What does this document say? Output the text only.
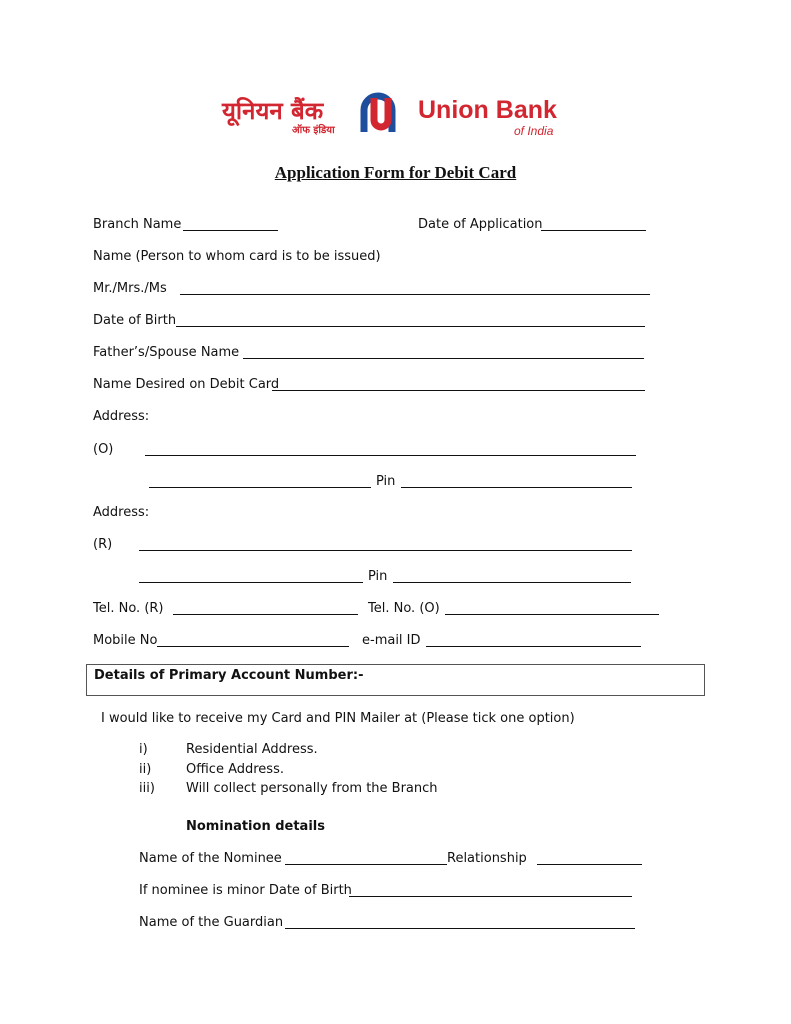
यूनियन बैंक
ऑफ इंडिया
Union Bank
of India
Application Form for Debit Card
Branch Name	Date of Application
Name (Person to whom card is to be issued)
Mr./Mrs./Ms
Date of Birth
Father’s/Spouse Name
Name Desired on Debit Card
Address:
(O)
Pin
Address:
(R)
Pin
Tel. No. (R)	Tel. No. (O)
Mobile No	e-mail ID
Details of Primary Account Number:-
I would like to receive my Card and PIN Mailer at (Please tick one option)
i)	Residential Address.
ii)	Office Address.
iii) Will collect personally from the Branch
Nomination details
Name of the Nominee	Relationship
If nominee is minor Date of Birth
Name of the Guardian
